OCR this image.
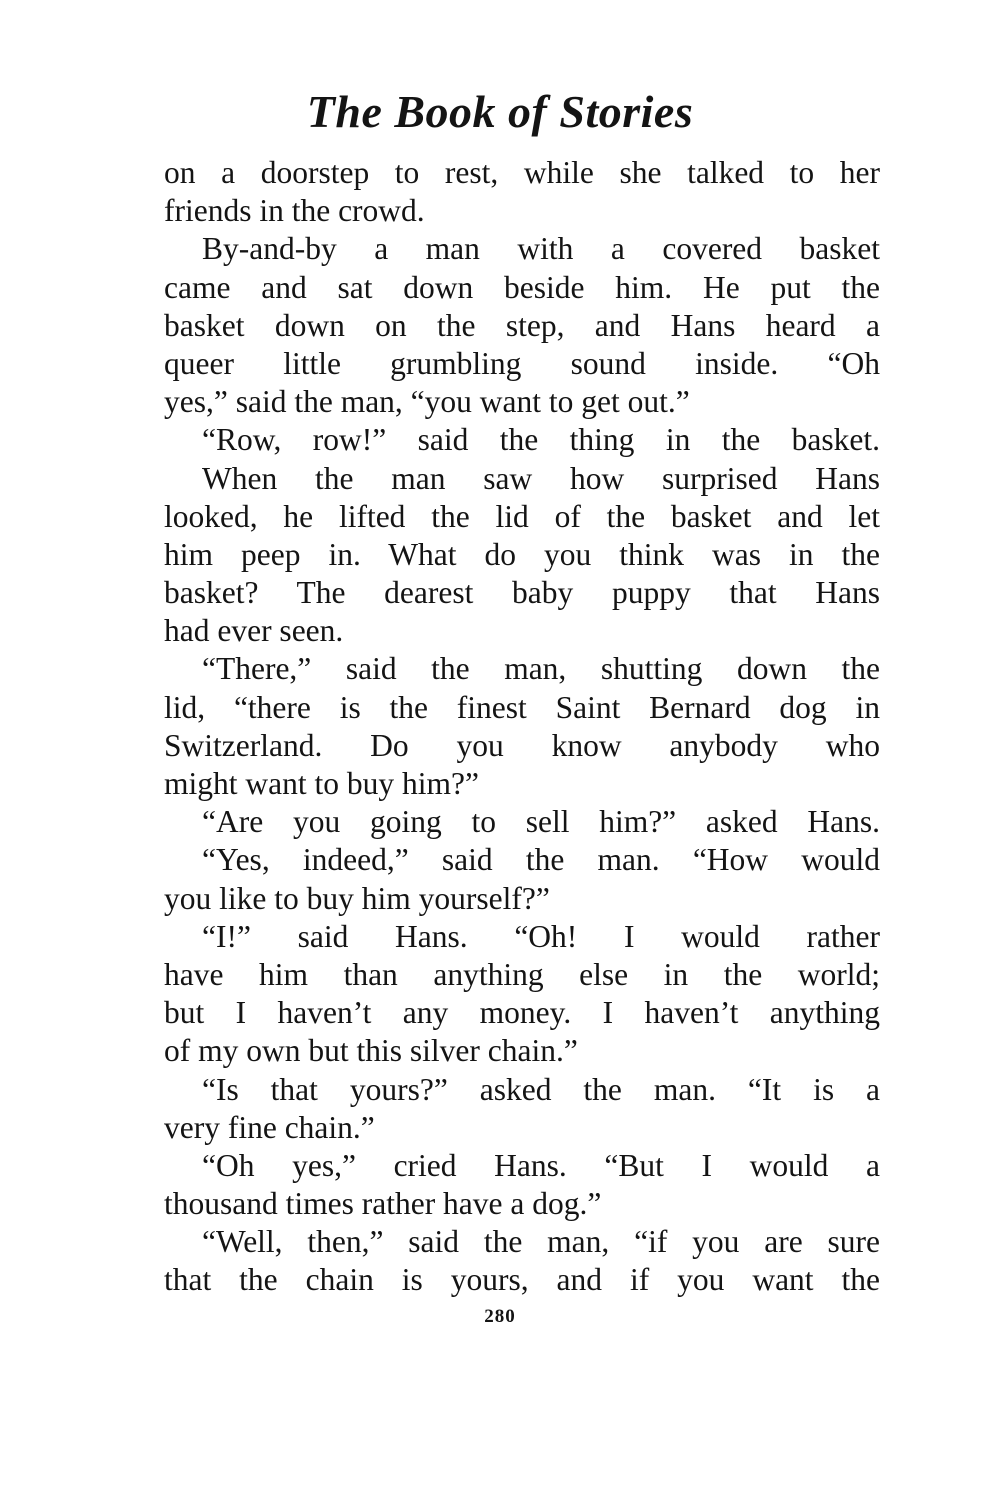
The Book of Stories
on a doorstep to rest, while she talked to her
friends in the crowd.
By-and-by a man with a covered basket
came and sat down beside him. He put the
basket down on the step, and Hans heard a
queer little grumbling sound inside. “Oh
yes,” said the man, “you want to get out.”
“Row, row!” said the thing in the basket.
When the man saw how surprised Hans
looked, he lifted the lid of the basket and let
him peep in. What do you think was in the
basket? The dearest baby puppy that Hans
had ever seen.
“There,” said the man, shutting down the
lid, “there is the finest Saint Bernard dog in
Switzerland. Do you know anybody who
might want to buy him?”
“Are you going to sell him?” asked Hans.
“Yes, indeed,” said the man. “How would
you like to buy him yourself?”
“I!” said Hans. “Oh! I would rather
have him than anything else in the world;
but I haven’t any money. I haven’t anything
of my own but this silver chain.”
“Is that yours?” asked the man. “It is a
very fine chain.”
“Oh yes,” cried Hans. “But I would a
thousand times rather have a dog.”
“Well, then,” said the man, “if you are sure
that the chain is yours, and if you want the
280
